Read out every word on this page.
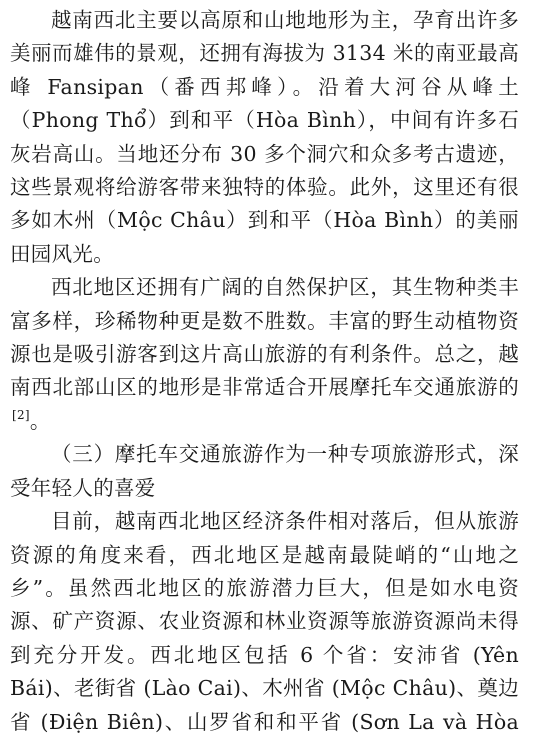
越南西北主要以高原和山地地形为主，孕育出许多美丽而雄伟的景观，还拥有海拔为 3134 米的南亚最高峰 Fansipan（番西邦峰）。沿着大河谷从峰土（Phong Thổ）到和平（Hòa Bình），中间有许多石灰岩高山。当地还分布 30 多个洞穴和众多考古遗迹，这些景观将给游客带来独特的体验。此外，这里还有很多如木州（Mộc Châu）到和平（Hòa Bình）的美丽田园风光。

西北地区还拥有广阔的自然保护区，其生物种类丰富多样，珍稀物种更是数不胜数。丰富的野生动植物资源也是吸引游客到这片高山旅游的有利条件。总之，越南西北部山区的地形是非常适合开展摩托车交通旅游的[2]。

（三）摩托车交通旅游作为一种专项旅游形式，深受年轻人的喜爱

目前，越南西北地区经济条件相对落后，但从旅游资源的角度来看，西北地区是越南最陡峭的“山地之乡”。虽然西北地区的旅游潜力巨大，但是如水电资源、矿产资源、农业资源和林业资源等旅游资源尚未得到充分开发。西北地区包括 6 个省：安沛省 (Yên Bái)、老街省 (Lào Cai)、木州省 (Mộc Châu)、奠边省 (Điện Biên)、山罗省和和平省 (Sơn La và Hòa
